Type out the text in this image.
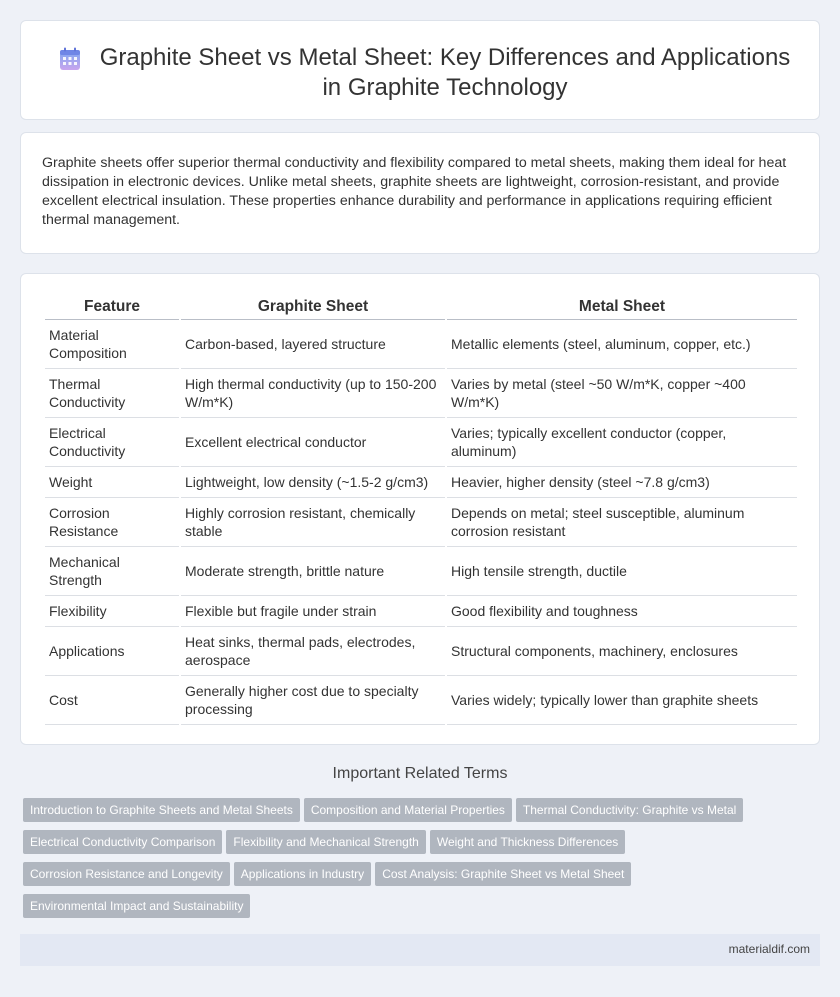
Graphite Sheet vs Metal Sheet: Key Differences and Applications in Graphite Technology

Graphite sheets offer superior thermal conductivity and flexibility compared to metal sheets, making them ideal for heat dissipation in electronic devices. Unlike metal sheets, graphite sheets are lightweight, corrosion-resistant, and provide excellent electrical insulation. These properties enhance durability and performance in applications requiring efficient thermal management.

Feature	Graphite Sheet	Metal Sheet
Material Composition	Carbon-based, layered structure	Metallic elements (steel, aluminum, copper, etc.)
Thermal Conductivity	High thermal conductivity (up to 150-200 W/m*K)	Varies by metal (steel ~50 W/m*K, copper ~400 W/m*K)
Electrical Conductivity	Excellent electrical conductor	Varies; typically excellent conductor (copper, aluminum)
Weight	Lightweight, low density (~1.5-2 g/cm3)	Heavier, higher density (steel ~7.8 g/cm3)
Corrosion Resistance	Highly corrosion resistant, chemically stable	Depends on metal; steel susceptible, aluminum corrosion resistant
Mechanical Strength	Moderate strength, brittle nature	High tensile strength, ductile
Flexibility	Flexible but fragile under strain	Good flexibility and toughness
Applications	Heat sinks, thermal pads, electrodes, aerospace	Structural components, machinery, enclosures
Cost	Generally higher cost due to specialty processing	Varies widely; typically lower than graphite sheets
Important Related Terms
Introduction to Graphite Sheets and Metal Sheets Composition and Material Properties Thermal Conductivity: Graphite vs Metal
Electrical Conductivity Comparison Flexibility and Mechanical Strength Weight and Thickness Differences
Corrosion Resistance and Longevity Applications in Industry Cost Analysis: Graphite Sheet vs Metal Sheet
Environmental Impact and Sustainability
materialdif.com
